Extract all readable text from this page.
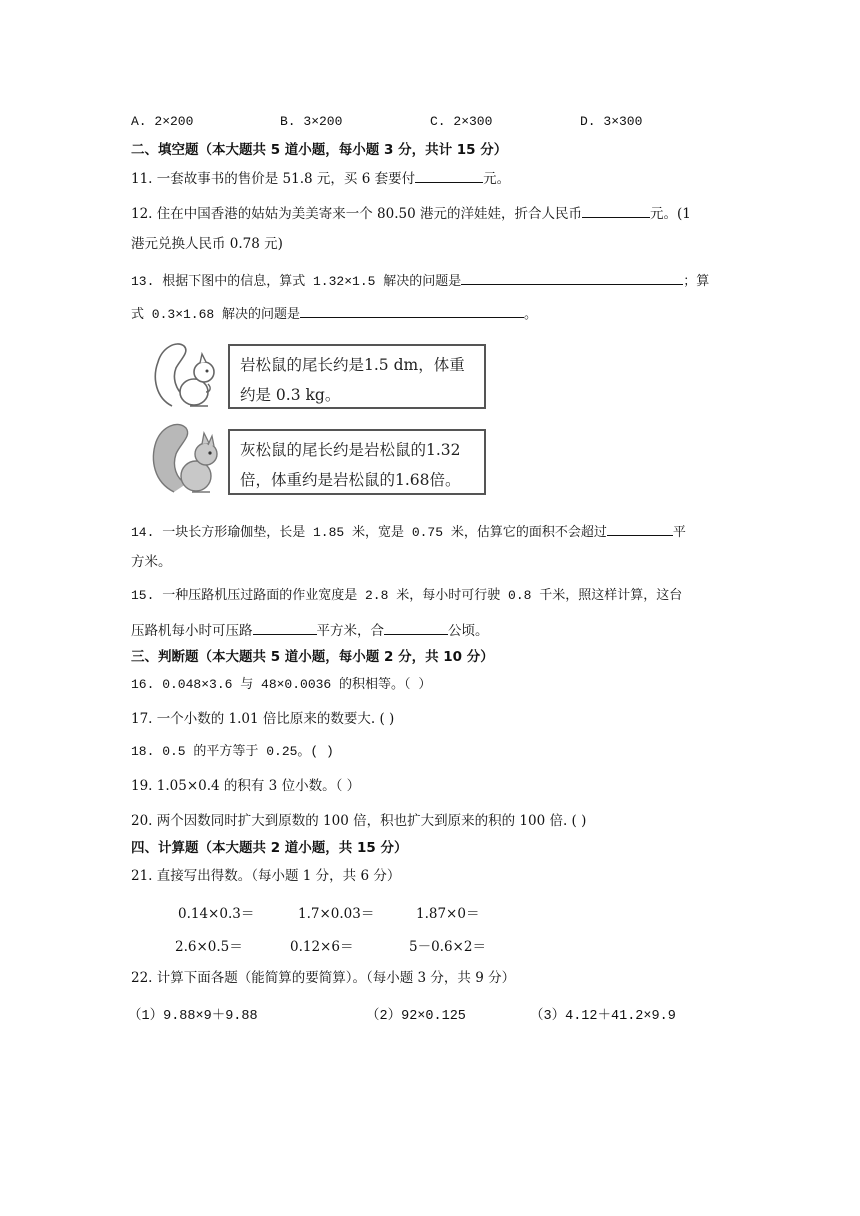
A. 2×200	B. 3×200	C. 2×300	D. 3×300
二、填空题（本大题共 5 道小题，每小题 3 分，共计 15 分）
11. 一套故事书的售价是 51.8 元，买 6 套要付	元。
12. 住在中国香港的姑姑为美美寄来一个 80.50 港元的洋娃娃，折合人民币	元。(1
港元兑换人民币 0.78 元)
13. 根据下图中的信息，算式 1.32×1.5 解决的问题是	；算
式 0.3×1.68 解决的问题是	。
岩松鼠的尾长约是1.5 dm，体重约是 0.3 kg。
灰松鼠的尾长约是岩松鼠的1.32倍，体重约是岩松鼠的1.68倍。
14. 一块长方形瑜伽垫，长是 1.85 米，宽是 0.75 米，估算它的面积不会超过	平
方米。
15. 一种压路机压过路面的作业宽度是 2.8 米，每小时可行驶 0.8 千米，照这样计算，这台
压路机每小时可压路	平方米，合	公顷。
三、判断题（本大题共 5 道小题，每小题 2 分，共 10 分）
16. 0.048×3.6 与 48×0.0036 的积相等。（ ）
17. 一个小数的 1.01 倍比原来的数要大. ( )
18. 0.5 的平方等于 0.25。( )
19. 1.05×0.4 的积有 3 位小数。（ ）
20. 两个因数同时扩大到原数的 100 倍，积也扩大到原来的积的 100 倍. ( )
四、计算题（本大题共 2 道小题，共 15 分）
21. 直接写出得数。（每小题 1 分，共 6 分）
0.14×0.3＝	1.7×0.03＝	1.87×0＝
2.6×0.5＝	0.12×6＝	5－0.6×2＝
22. 计算下面各题（能简算的要简算）。（每小题 3 分，共 9 分）
（1）9.88×9＋9.88	（2）92×0.125	（3）4.12＋41.2×9.9
